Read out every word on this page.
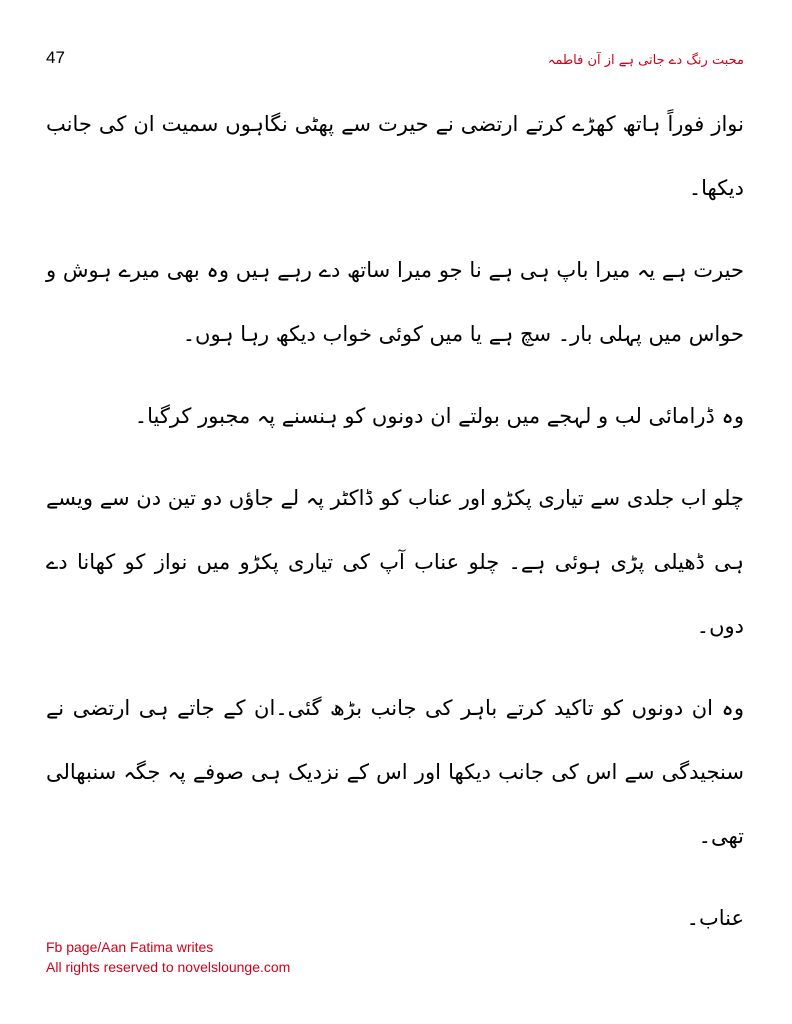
47	محبت رنگ دے جاتی ہے از آن فاطمہ

نواز فوراً ہاتھ کھڑے کرتے ارتضی نے حیرت سے پھٹی نگاہوں سمیت ان کی جانب دیکھا۔

حیرت ہے یہ میرا باپ ہی ہے نا جو میرا ساتھ دے رہے ہیں وہ بھی میرے ہوش و حواس میں پہلی بار۔ سچ ہے یا میں کوئی خواب دیکھ رہا ہوں۔

وہ ڈرامائی لب و لہجے میں بولتے ان دونوں کو ہنسنے پہ مجبور کرگیا۔

چلو اب جلدی سے تیاری پکڑو اور عناب کو ڈاکٹر پہ لے جاؤں دو تین دن سے ویسے ہی ڈھیلی پڑی ہوئی ہے۔ چلو عناب آپ کی تیاری پکڑو میں نواز کو کھانا دے دوں۔

وہ ان دونوں کو تاکید کرتے باہر کی جانب بڑھ گئی۔ان کے جاتے ہی ارتضی نے سنجیدگی سے اس کی جانب دیکھا اور اس کے نزدیک ہی صوفے پہ جگہ سنبھالی تھی۔

عناب۔

Fb page/Aan Fatima writes
All rights reserved to novelslounge.com
